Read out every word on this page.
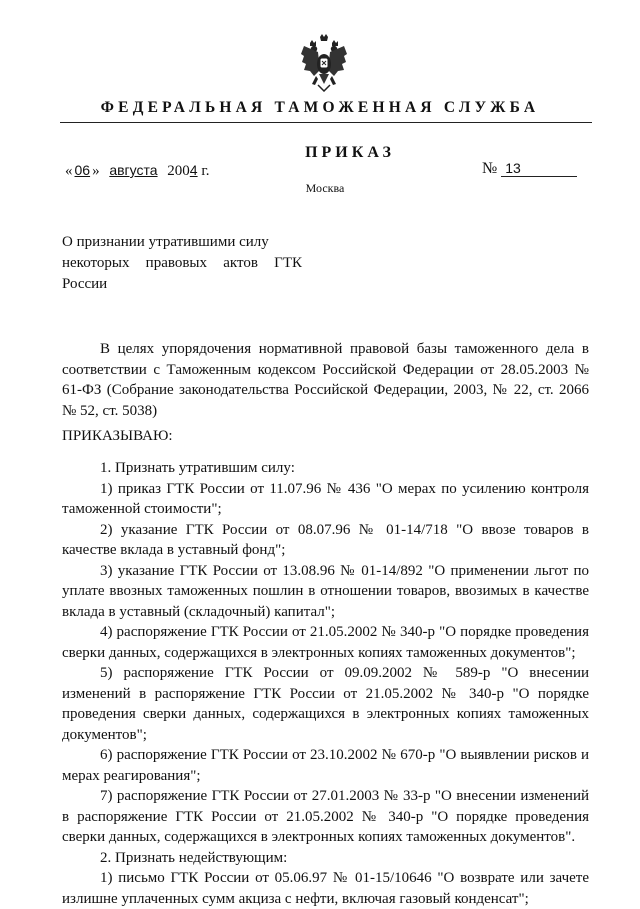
ФЕДЕРАЛЬНАЯ ТАМОЖЕННАЯ СЛУЖБА
ПРИКАЗ
« 06 » августа 2004 г.	№ 13
Москва
О признании утратившими силу
некоторых правовых актов ГТК
России

В целях упорядочения нормативной правовой базы таможенного дела в соответствии с Таможенным кодексом Российской Федерации от 28.05.2003 № 61-ФЗ (Собрание законодательства Российской Федерации, 2003, № 22, ст. 2066 № 52, ст. 5038)

ПРИКАЗЫВАЮ:

1. Признать утратившим силу:

1) приказ ГТК России от 11.07.96 № 436 "О мерах по усилению контроля таможенной стоимости";

2) указание ГТК России от 08.07.96 № 01-14/718 "О ввозе товаров в качестве вклада в уставный фонд";

3) указание ГТК России от 13.08.96 № 01-14/892 "О применении льгот по уплате ввозных таможенных пошлин в отношении товаров, ввозимых в качестве вклада в уставный (складочный) капитал";

4) распоряжение ГТК России от 21.05.2002 № 340-р "О порядке проведения сверки данных, содержащихся в электронных копиях таможенных документов";

5) распоряжение ГТК России от 09.09.2002 № 589-р "О внесении изменений в распоряжение ГТК России от 21.05.2002 № 340-р "О порядке проведения сверки данных, содержащихся в электронных копиях таможенных документов";

6) распоряжение ГТК России от 23.10.2002 № 670-р "О выявлении рисков и мерах реагирования";

7) распоряжение ГТК России от 27.01.2003 № 33-р "О внесении изменений в распоряжение ГТК России от 21.05.2002 № 340-р "О порядке проведения сверки данных, содержащихся в электронных копиях таможенных документов".

2. Признать недействующим:

1) письмо ГТК России от 05.06.97 № 01-15/10646 "О возврате или зачете излишне уплаченных сумм акциза с нефти, включая газовый конденсат";
